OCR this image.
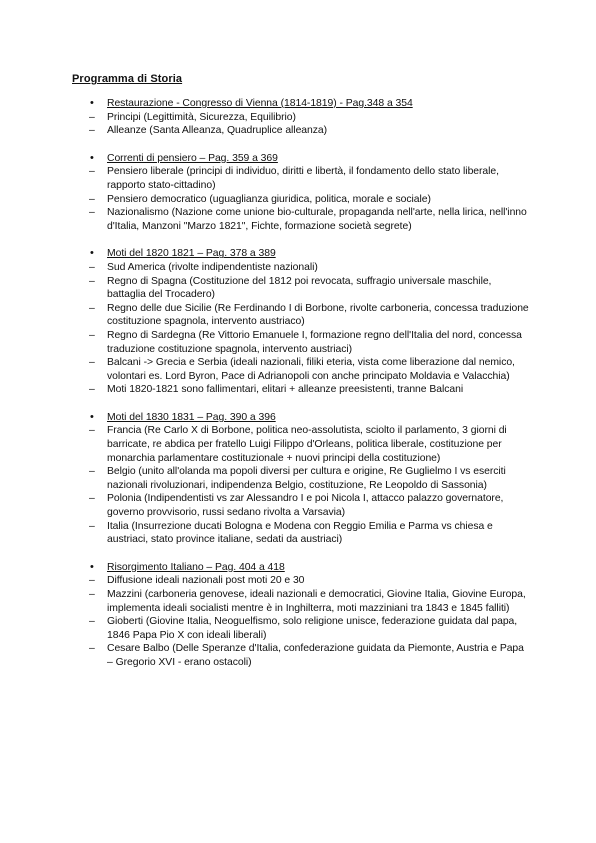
Programma di Storia
•	Restaurazione - Congresso di Vienna (1814-1819) - Pag.348 a 354
–	Principi (Legittimità, Sicurezza, Equilibrio)
–	Alleanze (Santa Alleanza, Quadruplice alleanza)
•	Correnti di pensiero – Pag. 359 a 369
–	Pensiero liberale (principi di individuo, diritti e libertà, il fondamento dello stato liberale, rapporto stato-cittadino)
–	Pensiero democratico (uguaglianza giuridica, politica, morale e sociale)
–	Nazionalismo (Nazione come unione bio-culturale, propaganda nell'arte, nella lirica, nell'inno d'Italia, Manzoni "Marzo 1821", Fichte, formazione società segrete)
•	Moti del 1820 1821 – Pag. 378 a 389
–	Sud America (rivolte indipendentiste nazionali)
–	Regno di Spagna (Costituzione del 1812 poi revocata, suffragio universale maschile, battaglia del Trocadero)
–	Regno delle due Sicilie (Re Ferdinando I di Borbone, rivolte carboneria, concessa traduzione costituzione spagnola, intervento austriaco)
–	Regno di Sardegna (Re Vittorio Emanuele I, formazione regno dell'Italia del nord, concessa traduzione costituzione spagnola, intervento austriaci)
–	Balcani -> Grecia e Serbia (ideali nazionali, filiki eteria, vista come liberazione dal nemico, volontari es. Lord Byron, Pace di Adrianopoli con anche principato Moldavia e Valacchia)
–	Moti 1820-1821 sono fallimentari, elitari + alleanze preesistenti, tranne Balcani
•	Moti del 1830 1831 – Pag. 390 a 396
–	Francia (Re Carlo X di Borbone, politica neo-assolutista, sciolto il parlamento, 3 giorni di barricate, re abdica per fratello Luigi Filippo d'Orleans, politica liberale, costituzione per monarchia parlamentare costituzionale + nuovi principi della costituzione)
–	Belgio (unito all'olanda ma popoli diversi per cultura e origine, Re Guglielmo I vs eserciti nazionali rivoluzionari, indipendenza Belgio, costituzione, Re Leopoldo di Sassonia)
–	Polonia (Indipendentisti vs zar Alessandro I e poi Nicola I, attacco palazzo governatore, governo provvisorio, russi sedano rivolta a Varsavia)
–	Italia (Insurrezione ducati Bologna e Modena con Reggio Emilia e Parma vs chiesa e austriaci, stato province italiane, sedati da austriaci)
•	Risorgimento Italiano – Pag. 404 a 418
–	Diffusione ideali nazionali post moti 20 e 30
–	Mazzini (carboneria genovese, ideali nazionali e democratici, Giovine Italia, Giovine Europa, implementa ideali socialisti mentre è in Inghilterra, moti mazziniani tra 1843 e 1845 falliti)
–	Gioberti (Giovine Italia, Neoguelfismo, solo religione unisce, federazione guidata dal papa, 1846 Papa Pio X con ideali liberali)
–	Cesare Balbo (Delle Speranze d'Italia, confederazione guidata da Piemonte, Austria e Papa – Gregorio XVI - erano ostacoli)
